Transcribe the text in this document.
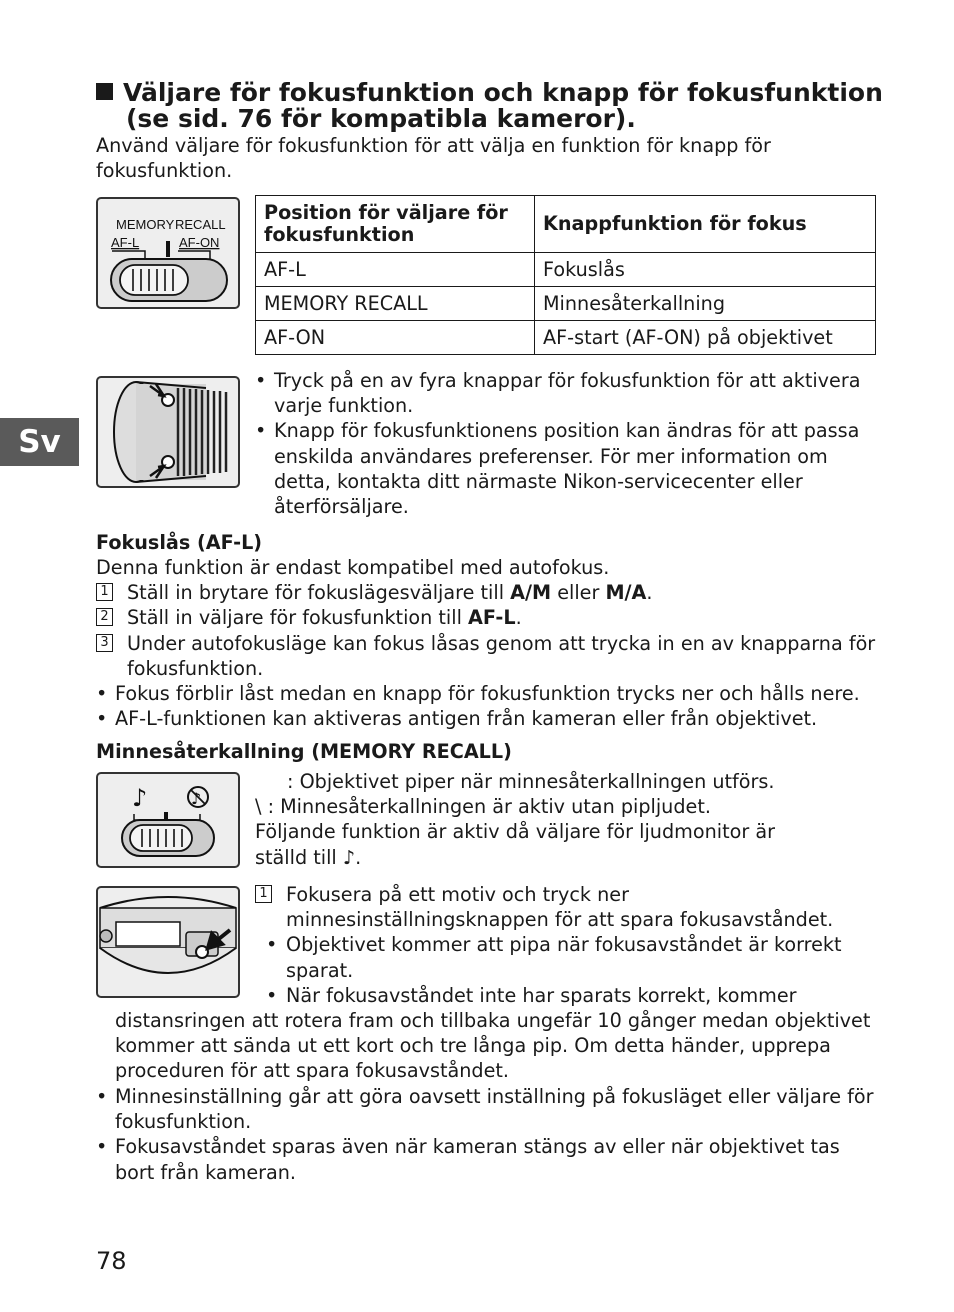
Väljare för fokusfunktion och knapp för fokusfunktion
(se sid. 76 för kompatibla kameror).
Använd väljare för fokusfunktion för att välja en funktion för knapp för fokusfunktion.
MEMORY RECALL
AF-L	AF-ON
Position för väljare för fokusfunktion	Knappfunktion för fokus
AF-L	Fokuslås
MEMORY RECALL	Minnesåterkallning
AF-ON	AF-start (AF-ON) på objektivet
Sv
• Tryck på en av fyra knappar för fokusfunktion för att aktivera varje funktion.
• Knapp för fokusfunktionens position kan ändras för att passa enskilda användares preferenser. För mer information om detta, kontakta ditt närmaste Nikon-servicecenter eller återförsäljare.
Fokuslås (AF-L)
Denna funktion är endast kompatibel med autofokus.
1 Ställ in brytare för fokuslägesväljare till A/M eller M/A.
2 Ställ in väljare för fokusfunktion till AF-L.
3 Under autofokusläge kan fokus låsas genom att trycka in en av knapparna för fokusfunktion.
• Fokus förblir låst medan en knapp för fokusfunktion trycks ner och hålls nere.
• AF-L-funktionen kan aktiveras antigen från kameran eller från objektivet.
Minnesåterkallning (MEMORY RECALL)
♪	♪
: Objektivet piper när minnesåterkallningen utförs.
\ : Minnesåterkallningen är aktiv utan pipljudet.
Följande funktion är aktiv då väljare för ljudmonitor är
ställd till ♪.
1 Fokusera på ett motiv och tryck ner minnesinställningsknappen för att spara fokusavståndet.
• Objektivet kommer att pipa när fokusavståndet är korrekt sparat.
• När fokusavståndet inte har sparats korrekt, kommer
distansringen att rotera fram och tillbaka ungefär 10 gånger medan objektivet kommer att sända ut ett kort och tre långa pip. Om detta händer, upprepa proceduren för att spara fokusavståndet.
• Minnesinställning går att göra oavsett inställning på fokusläget eller väljare för fokusfunktion.
• Fokusavståndet sparas även när kameran stängs av eller när objektivet tas bort från kameran.
78
